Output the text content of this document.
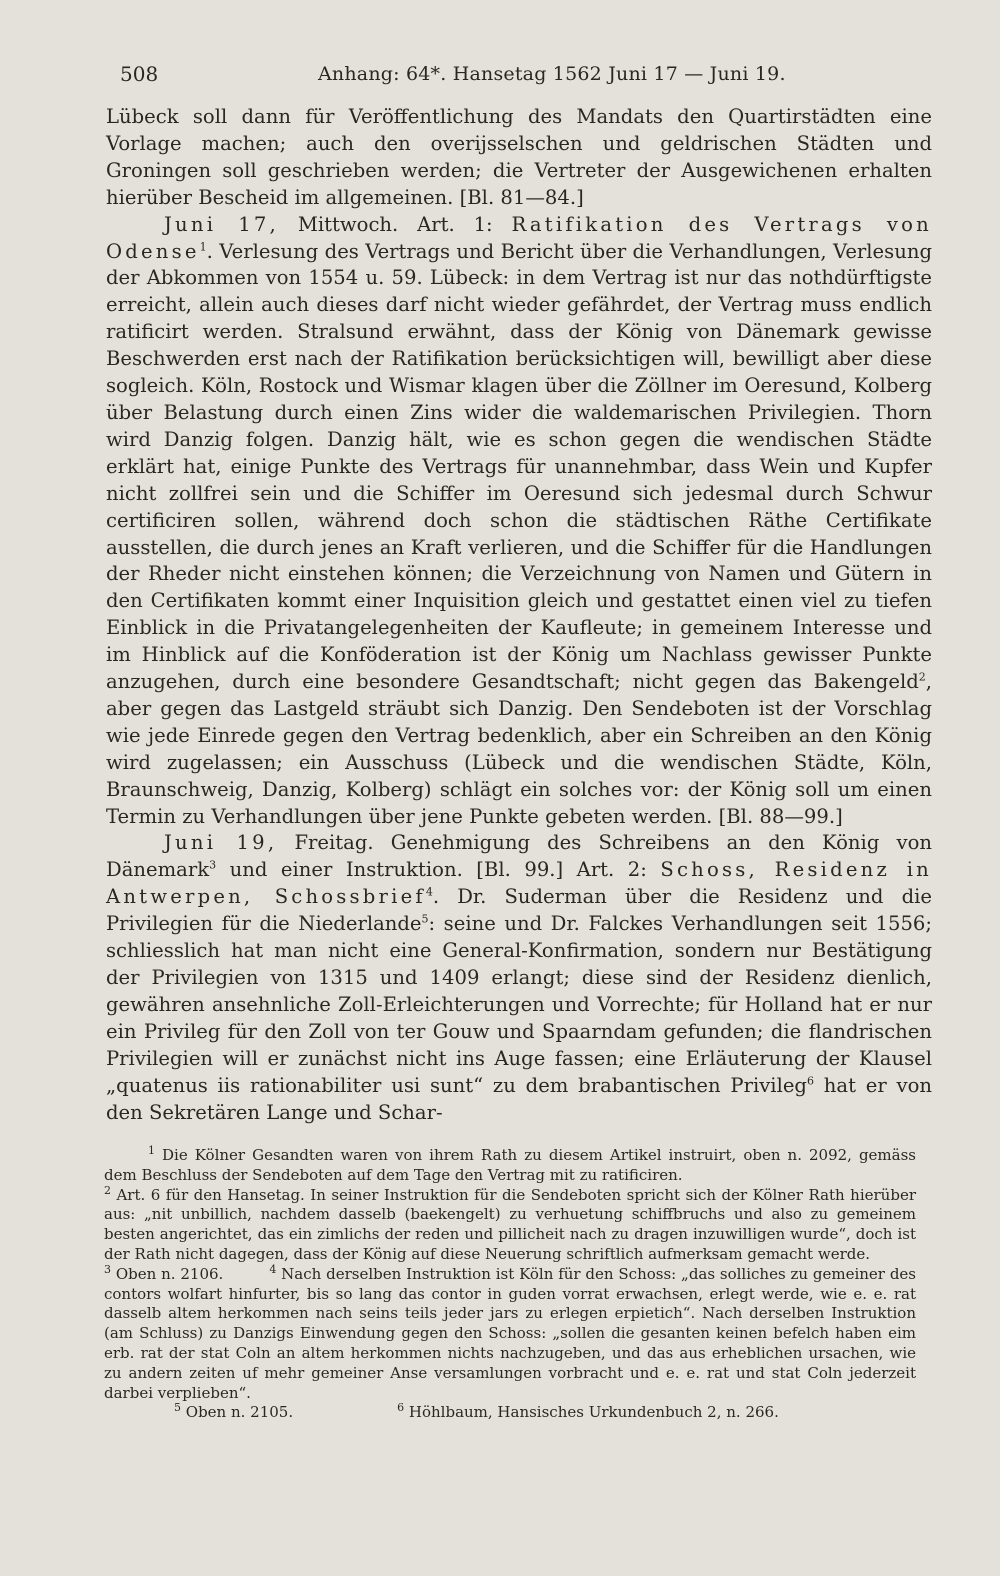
508	Anhang: 64*. Hansetag 1562 Juni 17 — Juni 19.

Lübeck soll dann für Veröffentlichung des Mandats den Quartirstädten eine Vorlage machen; auch den overijsselschen und geldrischen Städten und Groningen soll geschrieben werden; die Vertreter der Ausgewichenen erhalten hierüber Bescheid im allgemeinen. [Bl. 81—84.]

Juni 17, Mittwoch. Art. 1: Ratifikation des Vertrags von Odense$^1$. Verlesung des Vertrags und Bericht über die Verhandlungen, Verlesung der Abkommen von 1554 u. 59. Lübeck: in dem Vertrag ist nur das nothdürftigste erreicht, allein auch dieses darf nicht wieder gefährdet, der Vertrag muss endlich ratificirt werden. Stralsund erwähnt, dass der König von Dänemark gewisse Beschwerden erst nach der Ratifikation berücksichtigen will, bewilligt aber diese sogleich. Köln, Rostock und Wismar klagen über die Zöllner im Oeresund, Kolberg über Belastung durch einen Zins wider die waldemarischen Privilegien. Thorn wird Danzig folgen. Danzig hält, wie es schon gegen die wendischen Städte erklärt hat, einige Punkte des Vertrags für unannehmbar, dass Wein und Kupfer nicht zollfrei sein und die Schiffer im Oeresund sich jedesmal durch Schwur certificiren sollen, während doch schon die städtischen Räthe Certifikate ausstellen, die durch jenes an Kraft verlieren, und die Schiffer für die Handlungen der Rheder nicht einstehen können; die Verzeichnung von Namen und Gütern in den Certifikaten kommt einer Inquisition gleich und gestattet einen viel zu tiefen Einblick in die Privatangelegenheiten der Kaufleute; in gemeinem Interesse und im Hinblick auf die Konföderation ist der König um Nachlass gewisser Punkte anzugehen, durch eine besondere Gesandtschaft; nicht gegen das Bakengeld$^2$, aber gegen das Lastgeld sträubt sich Danzig. Den Sendeboten ist der Vorschlag wie jede Einrede gegen den Vertrag bedenklich, aber ein Schreiben an den König wird zugelassen; ein Ausschuss (Lübeck und die wendischen Städte, Köln, Braunschweig, Danzig, Kolberg) schlägt ein solches vor: der König soll um einen Termin zu Verhandlungen über jene Punkte gebeten werden. [Bl. 88—99.]

Juni 19, Freitag. Genehmigung des Schreibens an den König von Dänemark$^3$ und einer Instruktion. [Bl. 99.] Art. 2: Schoss, Residenz in Antwerpen, Schossbrief$^4$. Dr. Suderman über die Residenz und die Privilegien für die Niederlande$^5$: seine und Dr. Falckes Verhandlungen seit 1556; schliesslich hat man nicht eine General-Konfirmation, sondern nur Bestätigung der Privilegien von 1315 und 1409 erlangt; diese sind der Residenz dienlich, gewähren ansehnliche Zoll-Erleichterungen und Vorrechte; für Holland hat er nur ein Privileg für den Zoll von ter Gouw und Spaarndam gefunden; die flandrischen Privilegien will er zunächst nicht ins Auge fassen; eine Erläuterung der Klausel „quatenus iis rationabiliter usi sunt“ zu dem brabantischen Privileg$^6$ hat er von den Sekretären Lange und Schar-

$^1$ Die Kölner Gesandten waren von ihrem Rath zu diesem Artikel instruirt, oben n. 2092, gemäss dem Beschluss der Sendeboten auf dem Tage den Vertrag mit zu ratificiren.

$^2$ Art. 6 für den Hansetag. In seiner Instruktion für die Sendeboten spricht sich der Kölner Rath hierüber aus: „nit unbillich, nachdem dasselb (baekengelt) zu verhuetung schiffbruchs und also zu gemeinem besten angerichtet, das ein zimlichs der reden und pillicheit nach zu dragen inzuwilligen wurde“, doch ist der Rath nicht dagegen, dass der König auf diese Neuerung schriftlich aufmerksam gemacht werde.$^3$ Oben n. 2106.	$^4$ Nach derselben Instruktion ist Köln für den Schoss: „das solliches zu gemeiner des contors wolfart hinfurter, bis so lang das contor in guden vorrat erwachsen, erlegt werde, wie e. e. rat dasselb altem herkommen nach seins teils jeder jars zu erlegen erpietich“. Nach derselben Instruktion (am Schluss) zu Danzigs Einwendung gegen den Schoss: „sollen die gesanten keinen befelch haben eim erb. rat der stat Coln an altem herkommen nichts nachzugeben, und das aus erheblichen ursachen, wie zu andern zeiten uf mehr gemeiner Anse versamlungen vorbracht und e. e. rat und stat Coln jederzeit darbei verplieben“.

$^5$ Oben n. 2105.	$^6$ Höhlbaum, Hansisches Urkundenbuch 2, n. 266.
